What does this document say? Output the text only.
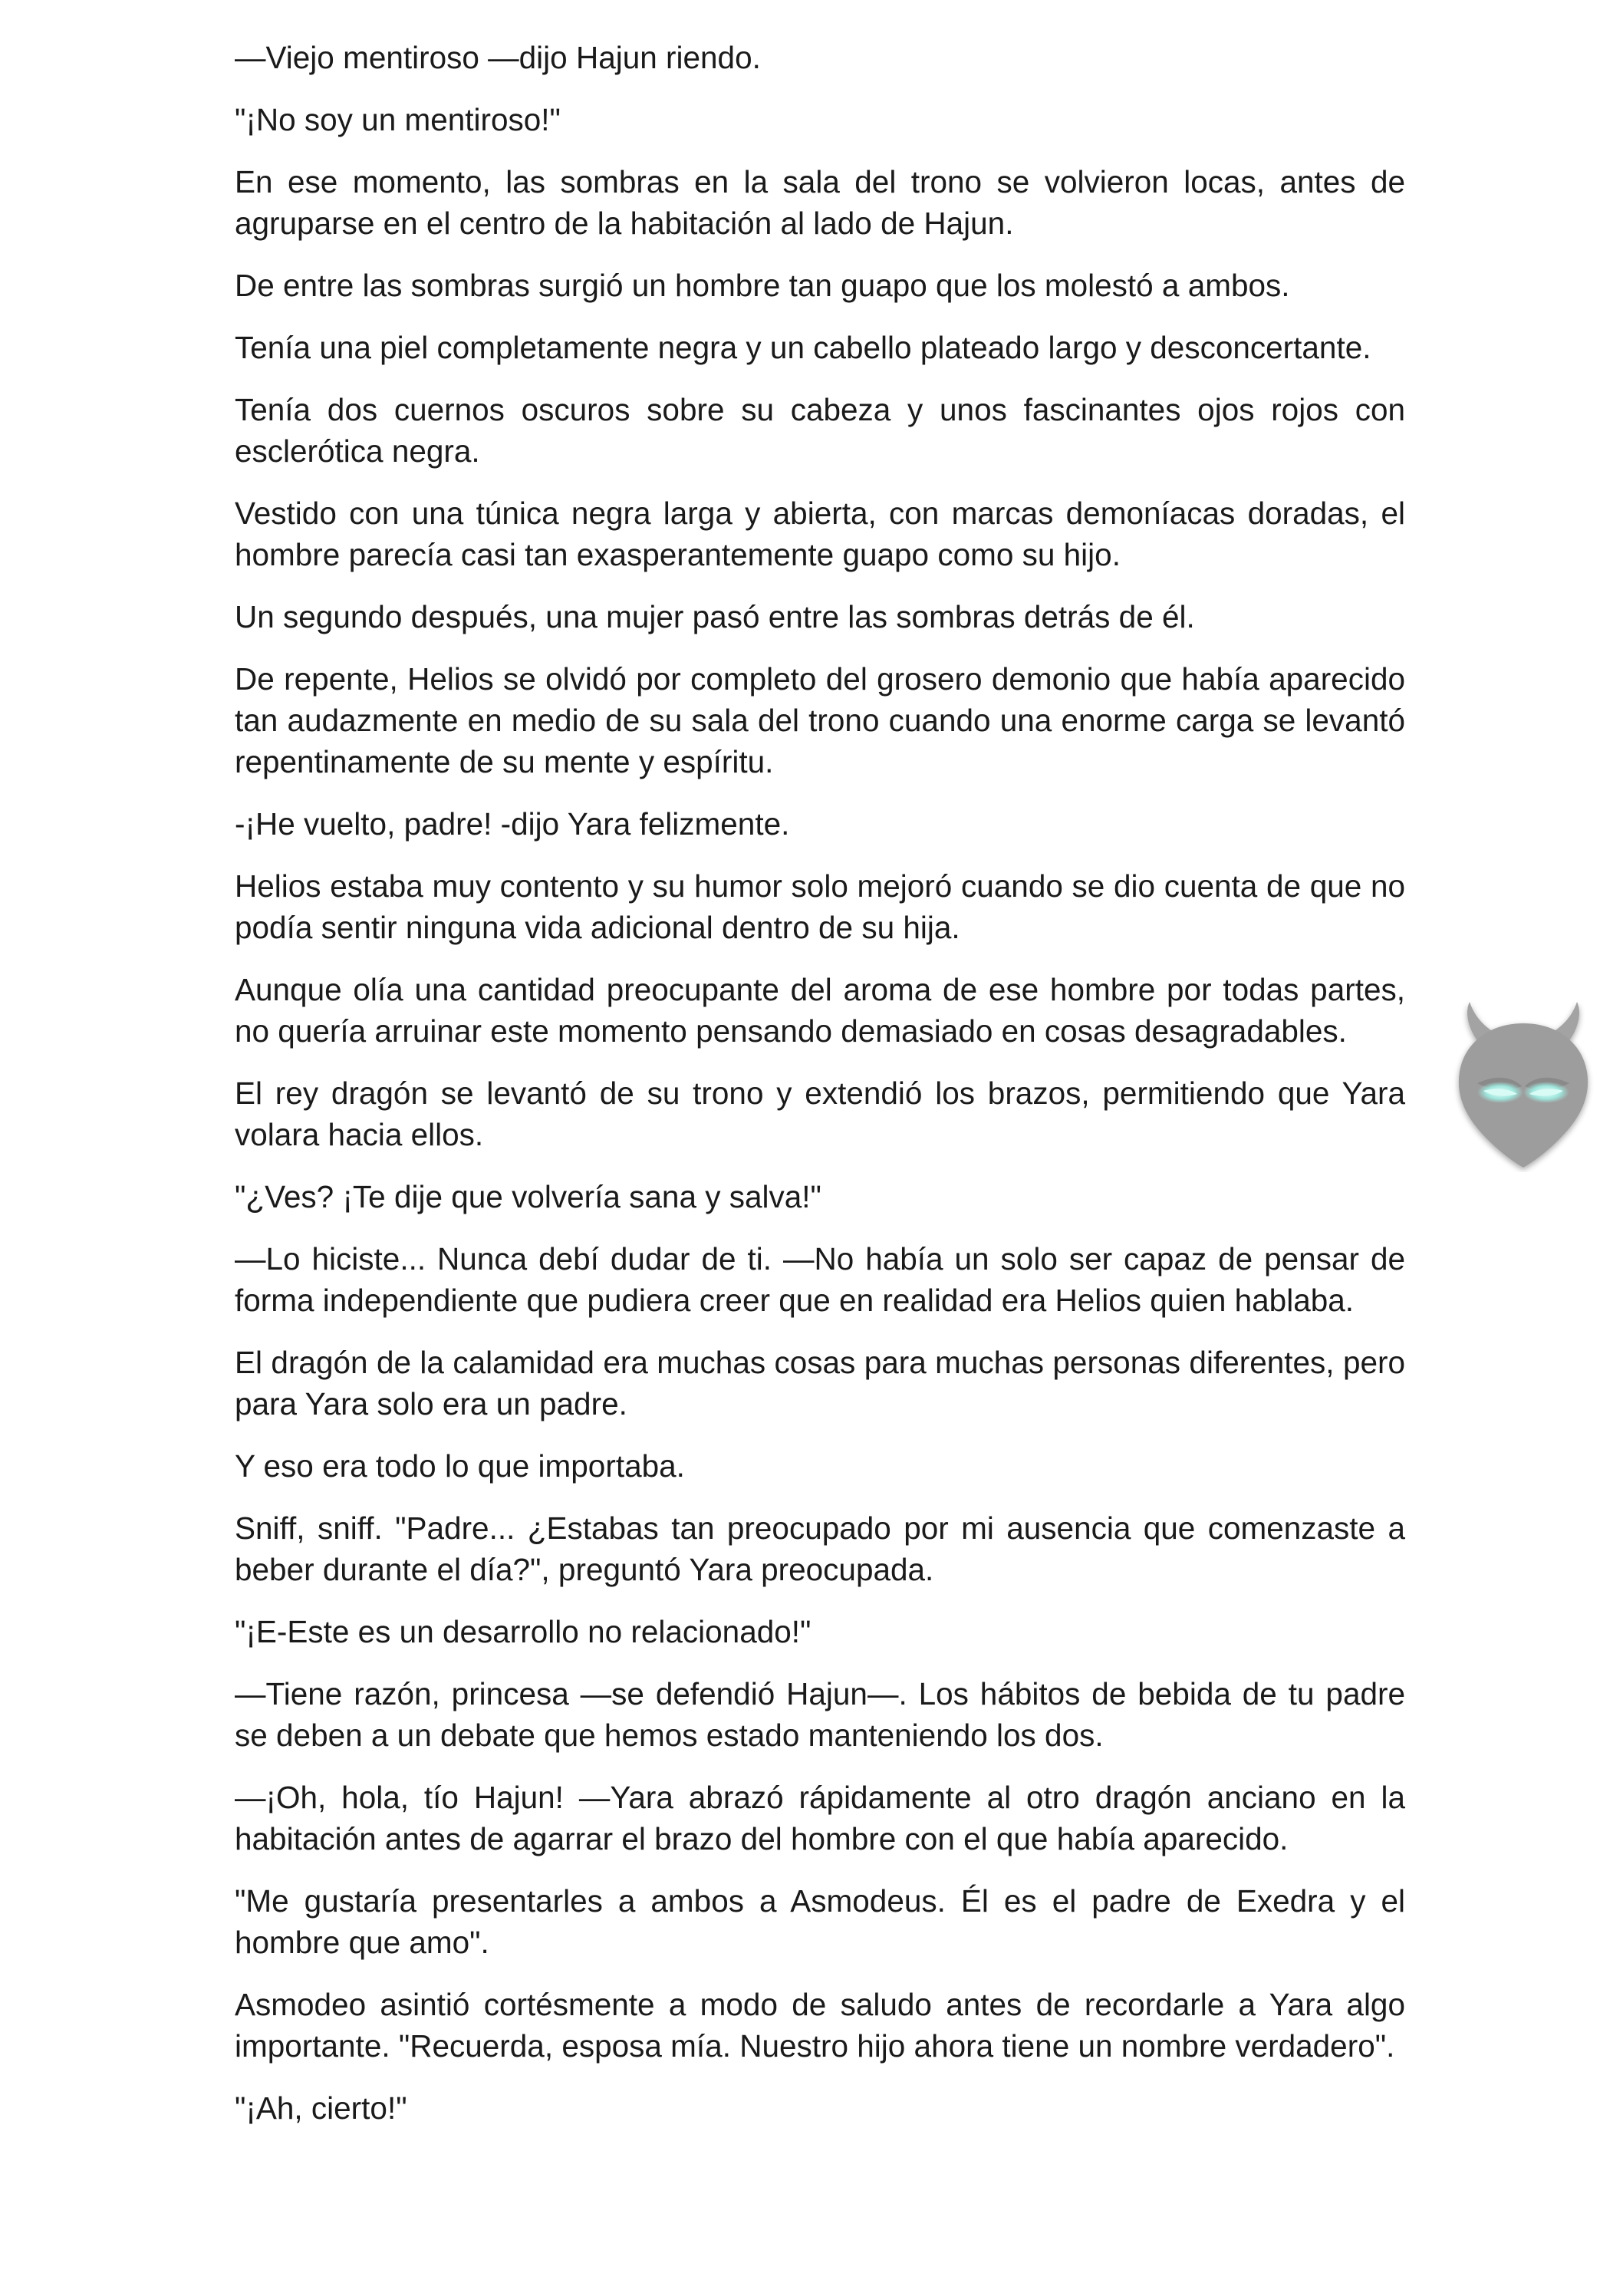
—Viejo mentiroso —dijo Hajun riendo.

"¡No soy un mentiroso!"

En ese momento, las sombras en la sala del trono se volvieron locas, antes de agruparse en el centro de la habitación al lado de Hajun.

De entre las sombras surgió un hombre tan guapo que los molestó a ambos.

Tenía una piel completamente negra y un cabello plateado largo y desconcertante.

Tenía dos cuernos oscuros sobre su cabeza y unos fascinantes ojos rojos con esclerótica negra.

Vestido con una túnica negra larga y abierta, con marcas demoníacas doradas, el hombre parecía casi tan exasperantemente guapo como su hijo.

Un segundo después, una mujer pasó entre las sombras detrás de él.

De repente, Helios se olvidó por completo del grosero demonio que había aparecido tan audazmente en medio de su sala del trono cuando una enorme carga se levantó repentinamente de su mente y espíritu.

-¡He vuelto, padre! -dijo Yara felizmente.

Helios estaba muy contento y su humor solo mejoró cuando se dio cuenta de que no podía sentir ninguna vida adicional dentro de su hija.

Aunque olía una cantidad preocupante del aroma de ese hombre por todas partes, no quería arruinar este momento pensando demasiado en cosas desagradables.

El rey dragón se levantó de su trono y extendió los brazos, permitiendo que Yara volara hacia ellos.

"¿Ves? ¡Te dije que volvería sana y salva!"

—Lo hiciste... Nunca debí dudar de ti. —No había un solo ser capaz de pensar de forma independiente que pudiera creer que en realidad era Helios quien hablaba.

El dragón de la calamidad era muchas cosas para muchas personas diferentes, pero para Yara solo era un padre.

Y eso era todo lo que importaba.

Sniff, sniff. "Padre... ¿Estabas tan preocupado por mi ausencia que comenzaste a beber durante el día?", preguntó Yara preocupada.

"¡E-Este es un desarrollo no relacionado!"

—Tiene razón, princesa —se defendió Hajun—. Los hábitos de bebida de tu padre se deben a un debate que hemos estado manteniendo los dos.

—¡Oh, hola, tío Hajun! —Yara abrazó rápidamente al otro dragón anciano en la habitación antes de agarrar el brazo del hombre con el que había aparecido.

"Me gustaría presentarles a ambos a Asmodeus. Él es el padre de Exedra y el hombre que amo".

Asmodeo asintió cortésmente a modo de saludo antes de recordarle a Yara algo importante. "Recuerda, esposa mía. Nuestro hijo ahora tiene un nombre verdadero".

"¡Ah, cierto!"
